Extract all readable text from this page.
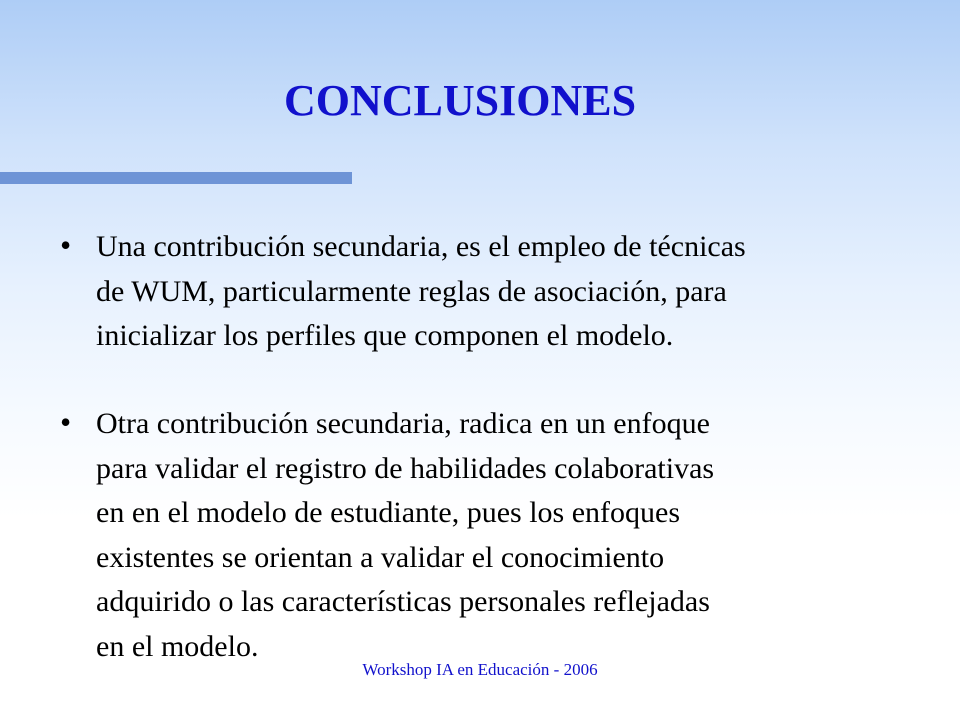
CONCLUSIONES
• Una contribución secundaria, es el empleo de técnicas
de WUM, particularmente reglas de asociación, para
inicializar los perfiles que componen el modelo.
• Otra contribución secundaria, radica en un enfoque
para validar el registro de habilidades colaborativas
en en el modelo de estudiante, pues los enfoques
existentes se orientan a validar el conocimiento
adquirido o las características personales reflejadas
en el modelo.
Workshop IA en Educación - 2006
